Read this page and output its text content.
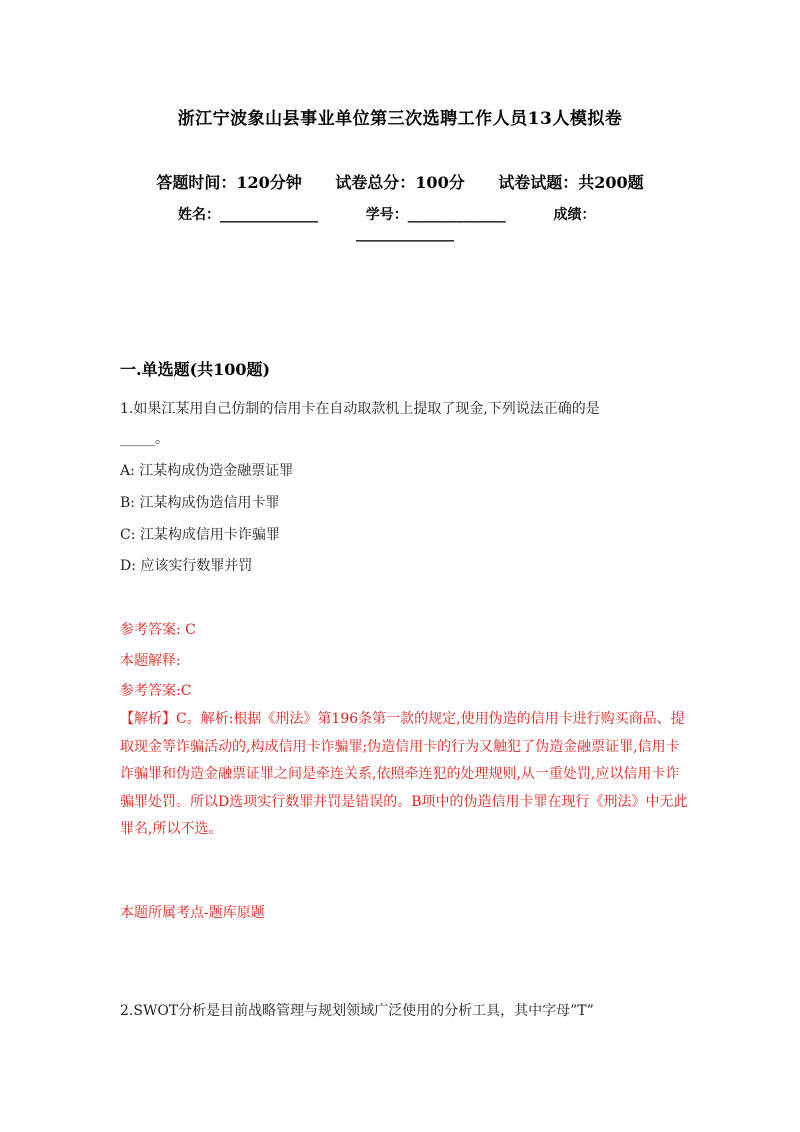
浙江宁波象山县事业单位第三次选聘工作人员13人模拟卷
答题时间：120分钟 试卷总分：100分 试卷试题：共200题
姓名：______________	学号：______________	成绩：
______________
一.单选题(共100题)
1.如果江某用自己仿制的信用卡在自动取款机上提取了现金,下列说法正确的是
_____。
A: 江某构成伪造金融票证罪
B: 江某构成伪造信用卡罪
C: 江某构成信用卡诈骗罪
D: 应该实行数罪并罚
参考答案: C
本题解释:
参考答案:C
【解析】C。解析:根据《刑法》第196条第一款的规定,使用伪造的信用卡进行购买商品、提取现金等诈骗活动的,构成信用卡诈骗罪;伪造信用卡的行为又触犯了伪造金融票证罪,信用卡诈骗罪和伪造金融票证罪之间是牵连关系,依照牵连犯的处理规则,从一重处罚,应以信用卡诈骗罪处罚。所以D选项实行数罪并罚是错误的。B项中的伪造信用卡罪在现行《刑法》中无此罪名,所以不选。
本题所属考点-题库原题
2.SWOT分析是目前战略管理与规划领域广泛使用的分析工具，其中字母”T”
